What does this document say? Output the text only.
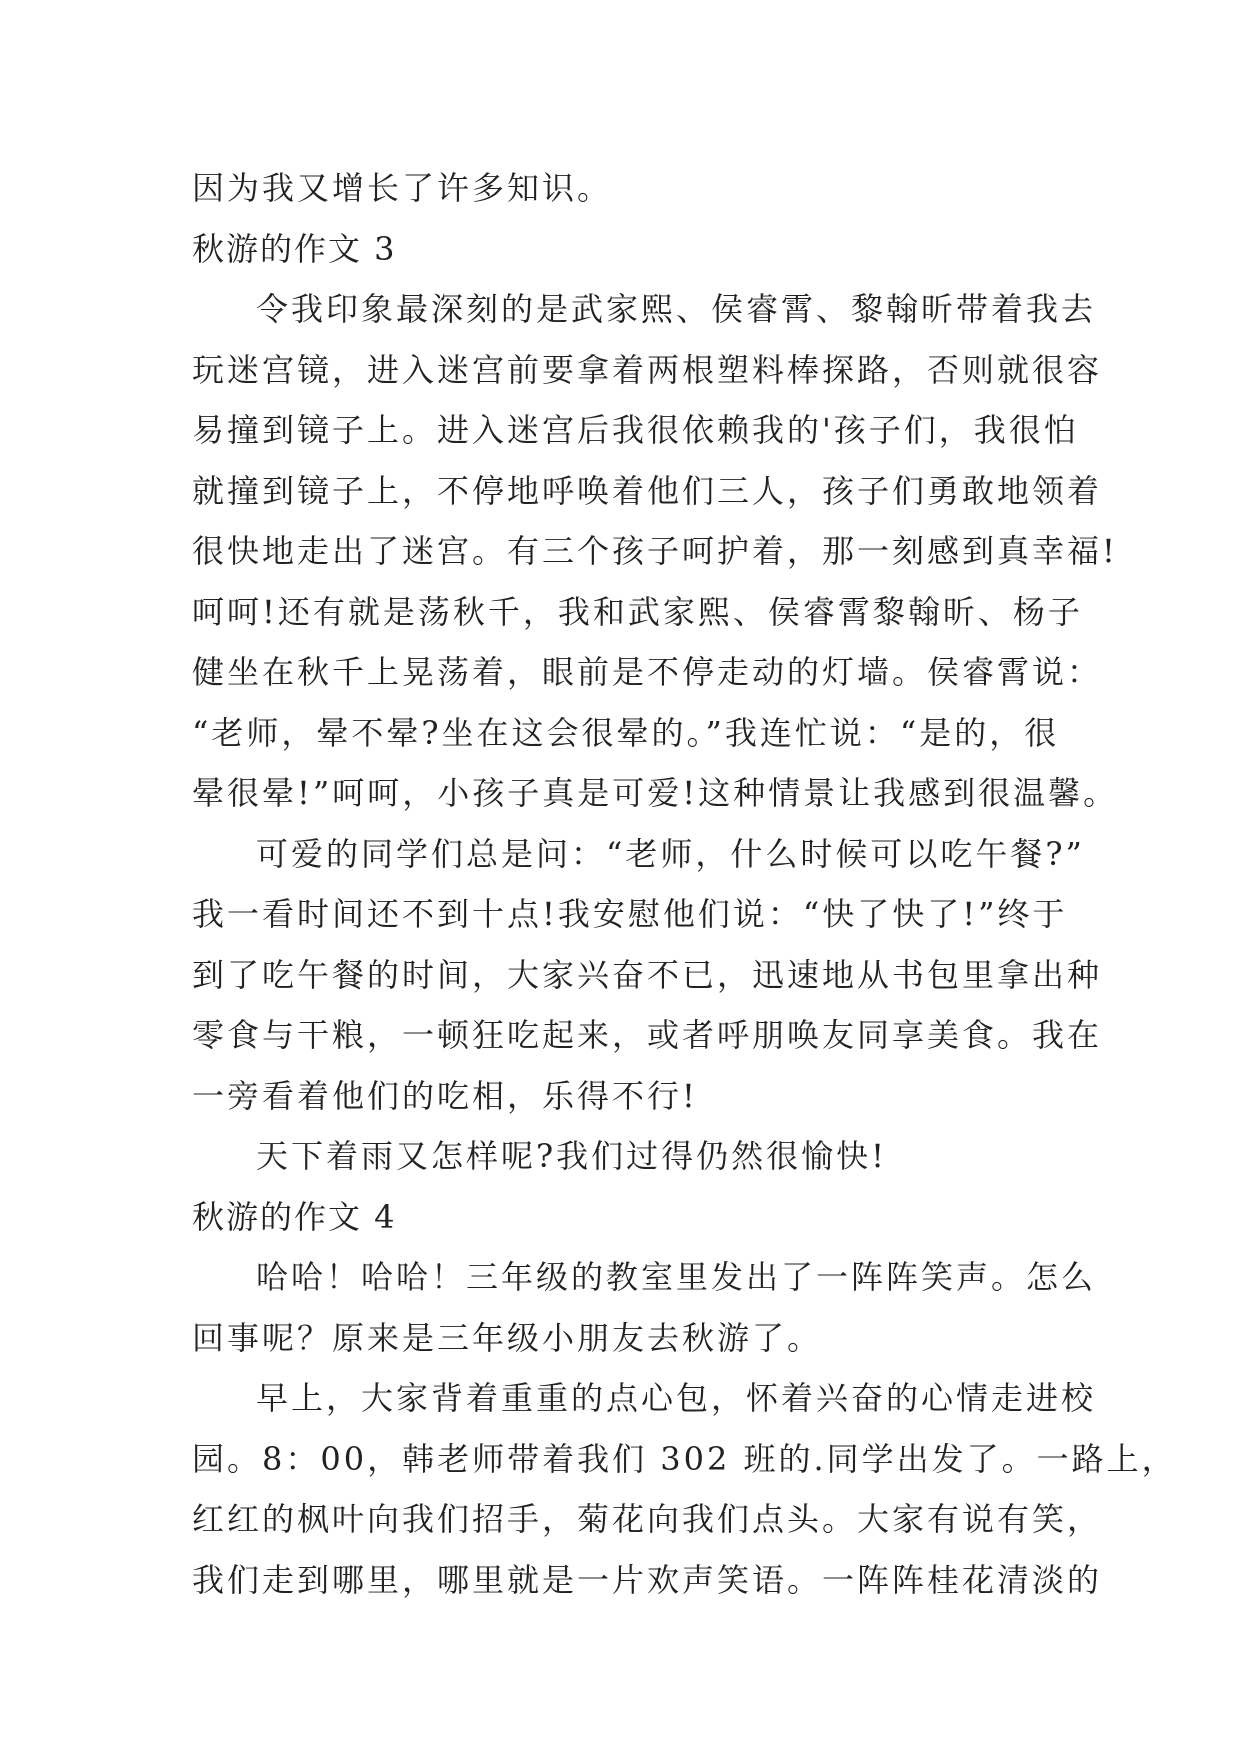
因为我又增长了许多知识。
秋游的作文 3
令我印象最深刻的是武家熙、侯睿霄、黎翰昕带着我去
玩迷宫镜，进入迷宫前要拿着两根塑料棒探路，否则就很容
易撞到镜子上。进入迷宫后我很依赖我的'孩子们，我很怕
就撞到镜子上，不停地呼唤着他们三人，孩子们勇敢地领着
很快地走出了迷宫。有三个孩子呵护着，那一刻感到真幸福!
呵呵!还有就是荡秋千，我和武家熙、侯睿霄黎翰昕、杨子
健坐在秋千上晃荡着，眼前是不停走动的灯墙。侯睿霄说：
“老师，晕不晕?坐在这会很晕的。”我连忙说：“是的，很
晕很晕!”呵呵，小孩子真是可爱!这种情景让我感到很温馨。
可爱的同学们总是问：“老师，什么时候可以吃午餐?”
我一看时间还不到十点!我安慰他们说：“快了快了!”终于
到了吃午餐的时间，大家兴奋不已，迅速地从书包里拿出种
零食与干粮，一顿狂吃起来，或者呼朋唤友同享美食。我在
一旁看着他们的吃相，乐得不行!
天下着雨又怎样呢?我们过得仍然很愉快!
秋游的作文 4
哈哈！哈哈！三年级的教室里发出了一阵阵笑声。怎么
回事呢？原来是三年级小朋友去秋游了。
早上，大家背着重重的点心包，怀着兴奋的心情走进校
园。8：00，韩老师带着我们 302 班的.同学出发了。一路上，
红红的枫叶向我们招手，菊花向我们点头。大家有说有笑，
我们走到哪里，哪里就是一片欢声笑语。一阵阵桂花清淡的
